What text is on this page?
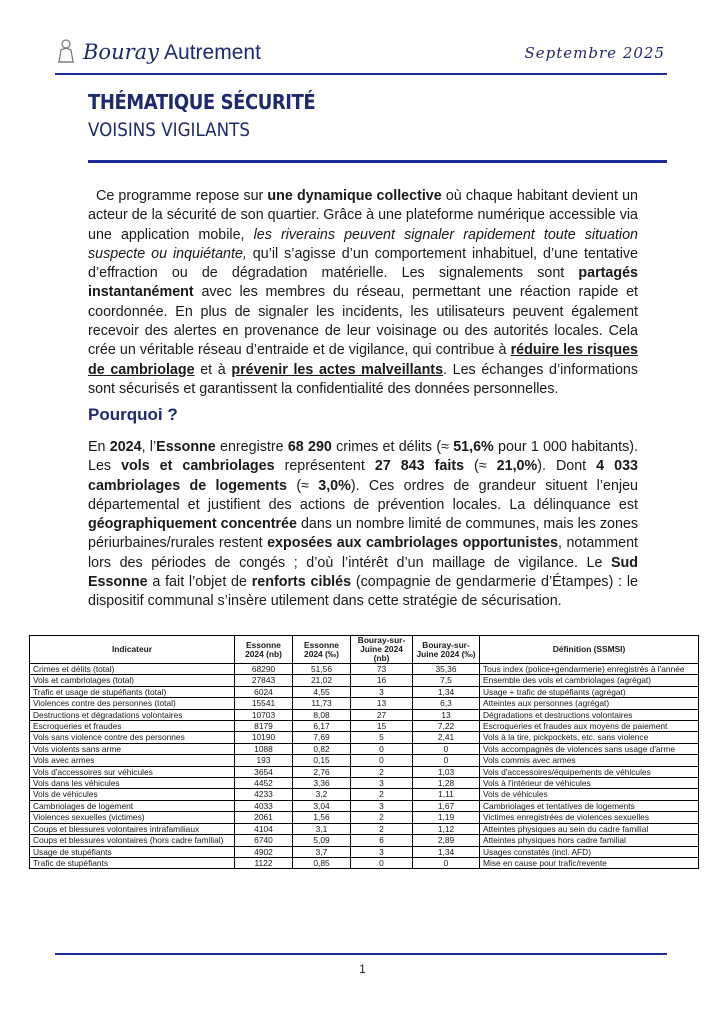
Bouray Autrement	Septembre 2025
THÉMATIQUE SÉCURITÉ
VOISINS VIGILANTS
Ce programme repose sur une dynamique collective où chaque habitant devient un acteur de la sécurité de son quartier. Grâce à une plateforme numérique accessible via une application mobile, les riverains peuvent signaler rapidement toute situation suspecte ou inquiétante, qu’il s’agisse d’un comportement inhabituel, d’une tentative d’effraction ou de dégradation matérielle. Les signalements sont partagés instantanément avec les membres du réseau, permettant une réaction rapide et coordonnée. En plus de signaler les incidents, les utilisateurs peuvent également recevoir des alertes en provenance de leur voisinage ou des autorités locales. Cela crée un véritable réseau d’entraide et de vigilance, qui contribue à réduire les risques de cambriolage et à prévenir les actes malveillants. Les échanges d’informations sont sécurisés et garantissent la confidentialité des données personnelles.
Pourquoi ?
En 2024, l’Essonne enregistre 68 290 crimes et délits (≈ 51,6% pour 1 000 habitants). Les vols et cambriolages représentent 27 843 faits (≈ 21,0%). Dont 4 033 cambriolages de logements (≈ 3,0%). Ces ordres de grandeur situent l’enjeu départemental et justifient des actions de prévention locales. La délinquance est géographiquement concentrée dans un nombre limité de communes, mais les zones périurbaines/rurales restent exposées aux cambriolages opportunistes, notamment lors des périodes de congés ; d’où l’intérêt d’un maillage de vigilance. Le Sud Essonne a fait l’objet de renforts ciblés (compagnie de gendarmerie d’Étampes) : le dispositif communal s’insère utilement dans cette stratégie de sécurisation.
Indicateur	Essonne 2024 (nb)	Essonne 2024 (‰)	Bouray-sur-Juine 2024 (nb)	Bouray-sur-Juine 2024 (‰)	Définition (SSMSI)
Crimes et délits (total)	68290	51,56	73	35,36	Tous index (police+gendarmerie) enregistrés à l'année
Vols et cambriolages (total)	27843	21,02	16	7,5	Ensemble des vols et cambriolages (agrégat)
Trafic et usage de stupéfiants (total)	6024	4,55	3	1,34	Usage + trafic de stupéfiants (agrégat)
Violences contre des personnes (total)	15541	11,73	13	6,3	Atteintes aux personnes (agrégat)
Destructions et dégradations volontaires	10703	8,08	27	13	Dégradations et destructions volontaires
Escroqueries et fraudes	8179	6,17	15	7,22	Escroqueries et fraudes aux moyens de paiement
Vols sans violence contre des personnes	10190	7,69	5	2,41	Vols à la tire, pickpockets, etc. sans violence
Vols violents sans arme	1088	0,82	0	0	Vols accompagnés de violences sans usage d'arme
Vols avec armes	193	0,15	0	0	Vols commis avec armes
Vols d'accessoires sur véhicules	3654	2,76	2	1,03	Vols d'accessoires/équipements de véhicules
Vols dans les véhicules	4452	3,36	3	1,28	Vols à l'intérieur de véhicules
Vols de véhicules	4233	3,2	2	1,11	Vols de véhicules
Cambriolages de logement	4033	3,04	3	1,67	Cambriolages et tentatives de logements
Violences sexuelles (victimes)	2061	1,56	2	1,19	Victimes enregistrées de violences sexuelles
Coups et blessures volontaires intrafamiliaux	4104	3,1	2	1,12	Atteintes physiques au sein du cadre familial
Coups et blessures volontaires (hors cadre familial)	6740	5,09	6	2,89	Atteintes physiques hors cadre familial
Usage de stupéfiants	4902	3,7	3	1,34	Usages constatés (incl. AFD)
Trafic de stupéfiants	1122	0,85	0	0	Mise en cause pour trafic/revente
1
